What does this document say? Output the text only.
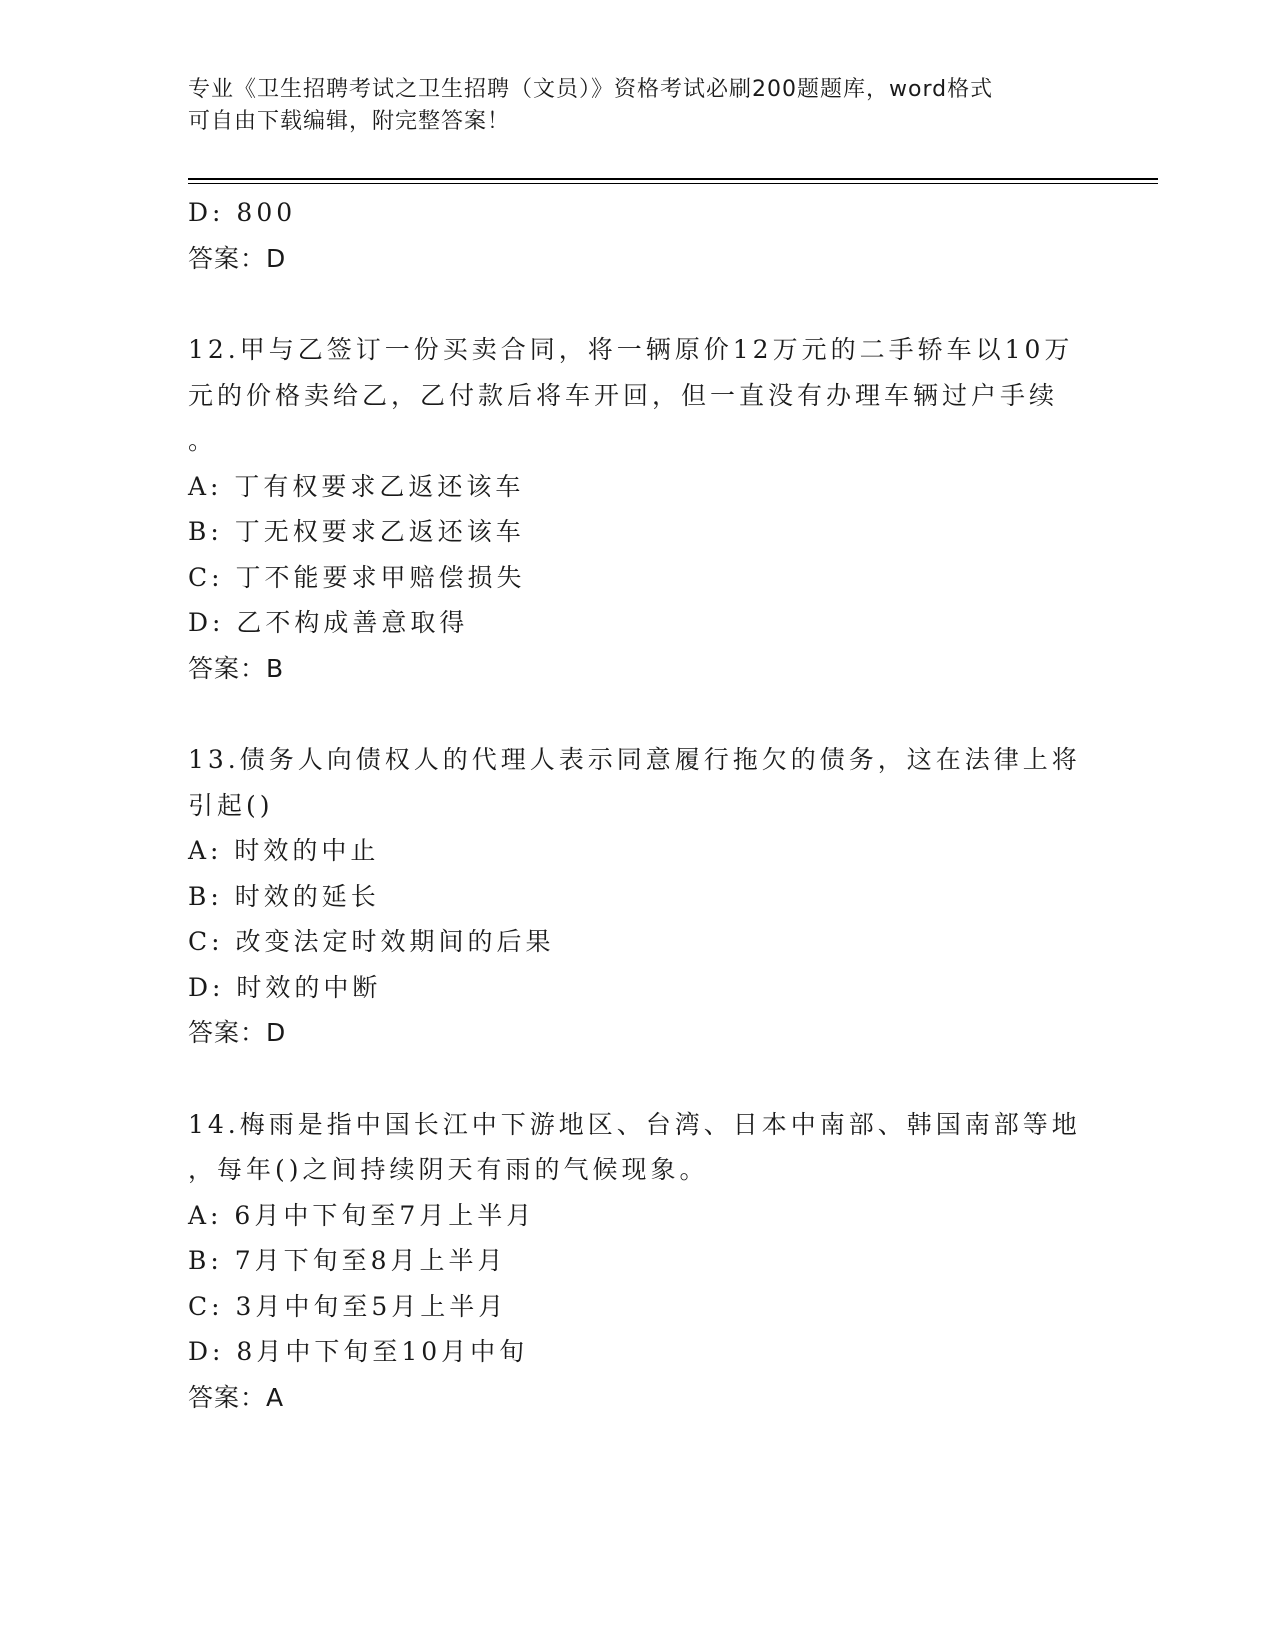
专业《卫生招聘考试之卫生招聘（文员）》资格考试必刷200题题库，word格式
可自由下载编辑，附完整答案！
D: 800
答案：D
12.甲与乙签订一份买卖合同，将一辆原价12万元的二手轿车以10万
元的价格卖给乙，乙付款后将车开回，但一直没有办理车辆过户手续
。
A: 丁有权要求乙返还该车
B: 丁无权要求乙返还该车
C: 丁不能要求甲赔偿损失
D: 乙不构成善意取得
答案：B
13.债务人向债权人的代理人表示同意履行拖欠的债务，这在法律上将
引起()
A: 时效的中止
B: 时效的延长
C: 改变法定时效期间的后果
D: 时效的中断
答案：D
14.梅雨是指中国长江中下游地区、台湾、日本中南部、韩国南部等地
，每年()之间持续阴天有雨的气候现象。
A: 6月中下旬至7月上半月
B: 7月下旬至8月上半月
C: 3月中旬至5月上半月
D: 8月中下旬至10月中旬
答案：A
